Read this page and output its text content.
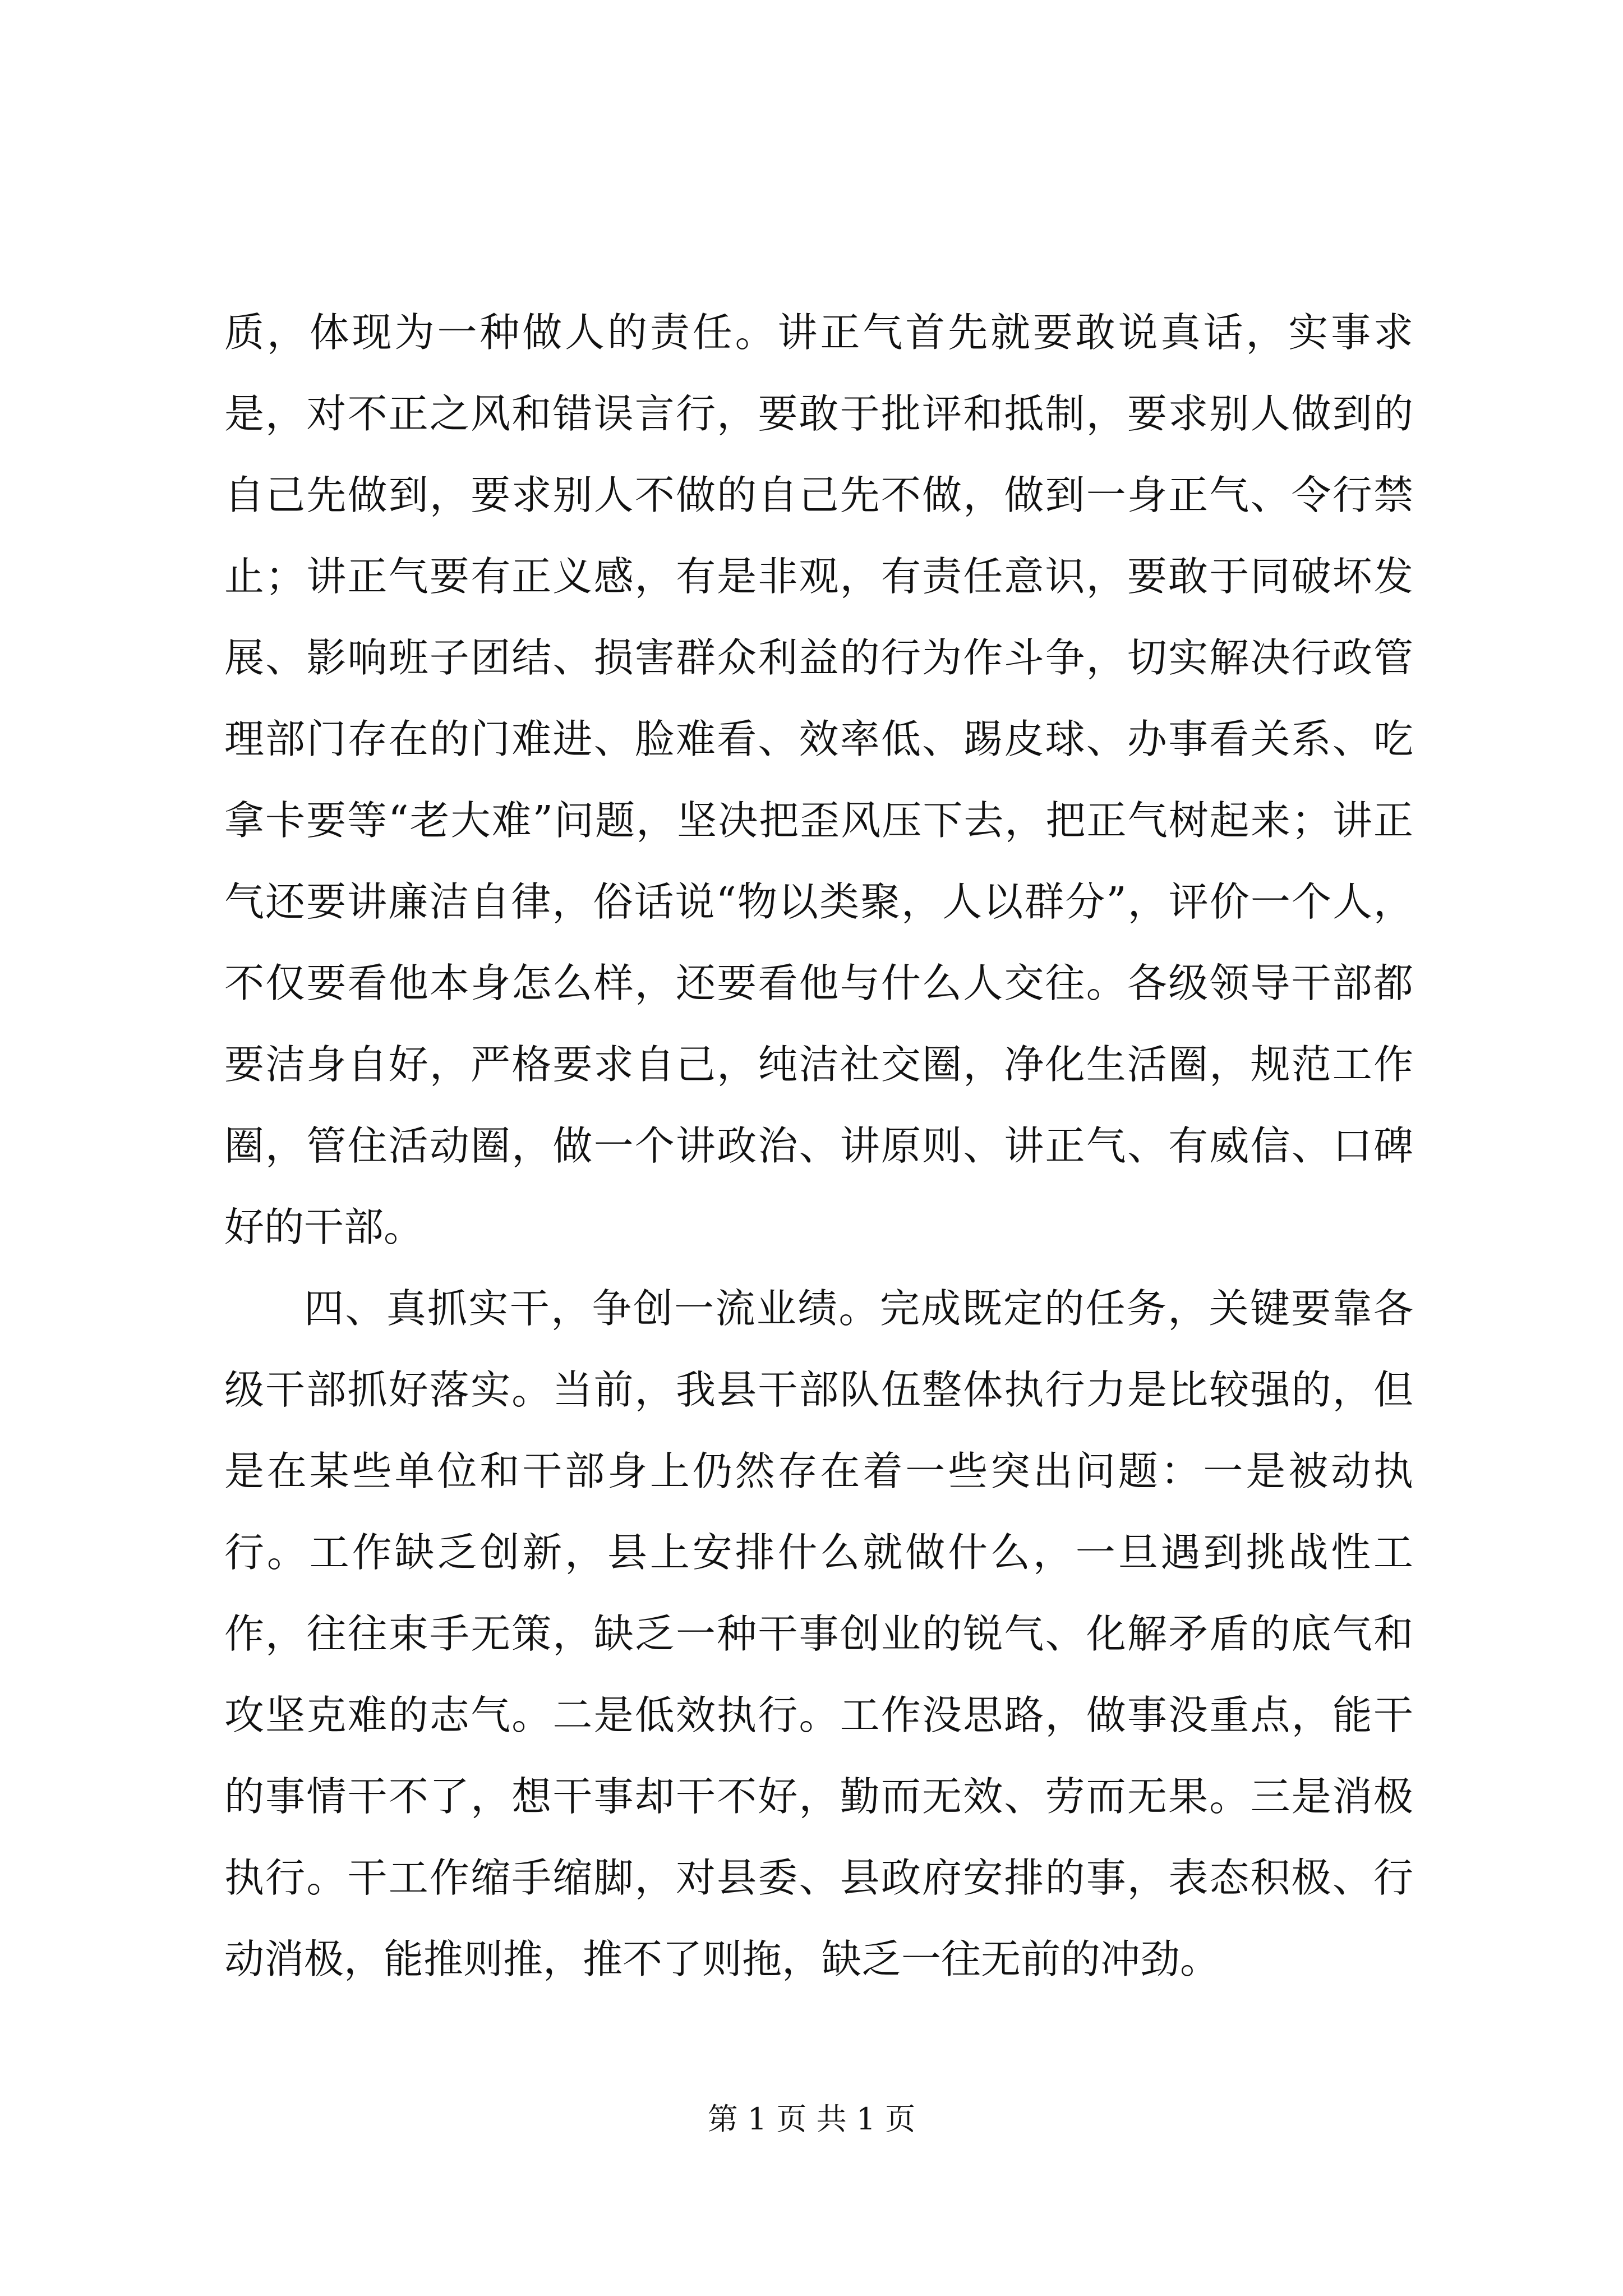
质，体现为一种做人的责任。讲正气首先就要敢说真话，实事求是，对不正之风和错误言行，要敢于批评和抵制，要求别人做到的自己先做到，要求别人不做的自己先不做，做到一身正气、令行禁止；讲正气要有正义感，有是非观，有责任意识，要敢于同破坏发展、影响班子团结、损害群众利益的行为作斗争，切实解决行政管理部门存在的门难进、脸难看、效率低、踢皮球、办事看关系、吃拿卡要等“老大难”问题，坚决把歪风压下去，把正气树起来；讲正气还要讲廉洁自律，俗话说“物以类聚，人以群分”，评价一个人，不仅要看他本身怎么样，还要看他与什么人交往。各级领导干部都要洁身自好，严格要求自己，纯洁社交圈，净化生活圈，规范工作圈，管住活动圈，做一个讲政治、讲原则、讲正气、有威信、口碑好的干部。

四、真抓实干，争创一流业绩。完成既定的任务，关键要靠各级干部抓好落实。当前，我县干部队伍整体执行力是比较强的，但是在某些单位和干部身上仍然存在着一些突出问题：一是被动执行。工作缺乏创新，县上安排什么就做什么，一旦遇到挑战性工作，往往束手无策，缺乏一种干事创业的锐气、化解矛盾的底气和攻坚克难的志气。二是低效执行。工作没思路，做事没重点，能干的事情干不了，想干事却干不好，勤而无效、劳而无果。三是消极执行。干工作缩手缩脚，对县委、县政府安排的事，表态积极、行动消极，能推则推，推不了则拖，缺乏一往无前的冲劲。

第 1 页 共 1 页
